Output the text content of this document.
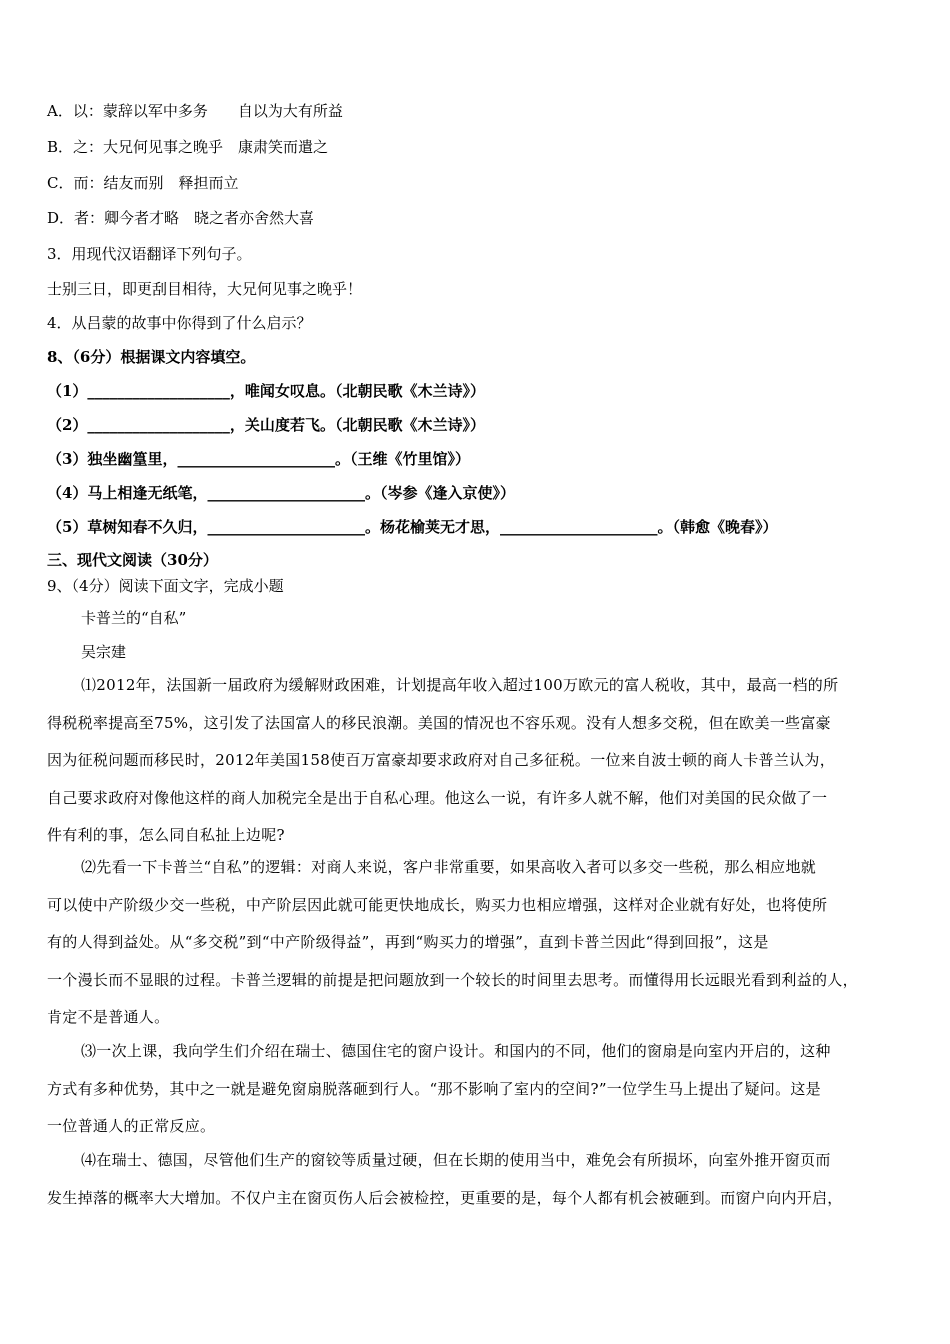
A．以：蒙辞以军中多务　　自以为大有所益
B．之：大兄何见事之晚乎　康肃笑而遣之
C．而：结友而别　释担而立
D．者：卿今者才略　晓之者亦舍然大喜
3．用现代汉语翻译下列句子。
士别三日，即更刮目相待，大兄何见事之晚乎！
4．从吕蒙的故事中你得到了什么启示？
8、（6分）根据课文内容填空。
（1）___________________，唯闻女叹息。（北朝民歌《木兰诗》）
（2）___________________，关山度若飞。（北朝民歌《木兰诗》）
（3）独坐幽篁里，_____________________。（王维《竹里馆》）
（4）马上相逢无纸笔，_____________________。（岑参《逢入京使》）
（5）草树知春不久归，_____________________。杨花榆荚无才思，_____________________。（韩愈《晚春》）
三、现代文阅读（30分）
9、（4分）阅读下面文字，完成小题
卡普兰的“自私”
吴宗建

⑴2012年，法国新一届政府为缓解财政困难，计划提高年收入超过100万欧元的富人税收，其中，最高一档的所

得税税率提高至75%，这引发了法国富人的移民浪潮。美国的情况也不容乐观。没有人想多交税，但在欧美一些富豪

因为征税问题而移民时，2012年美国158使百万富豪却要求政府对自己多征税。一位来自波士顿的商人卡普兰认为，

自己要求政府对像他这样的商人加税完全是出于自私心理。他这么一说，有许多人就不解，他们对美国的民众做了一

件有利的事，怎么同自私扯上边呢?

⑵先看一下卡普兰“自私”的逻辑：对商人来说，客户非常重要，如果高收入者可以多交一些税，那么相应地就

可以使中产阶级少交一些税，中产阶层因此就可能更快地成长，购买力也相应增强，这样对企业就有好处，也将使所

有的人得到益处。从“多交税”到“中产阶级得益”，再到“购买力的增强”，直到卡普兰因此“得到回报”，这是

一个漫长而不显眼的过程。卡普兰逻辑的前提是把问题放到一个较长的时间里去思考。而懂得用长远眼光看到利益的人，

肯定不是普通人。

⑶一次上课，我向学生们介绍在瑞士、德国住宅的窗户设计。和国内的不同，他们的窗扇是向室内开启的，这种

方式有多种优势，其中之一就是避免窗扇脱落砸到行人。“那不影响了室内的空间?”一位学生马上提出了疑问。这是

一位普通人的正常反应。

⑷在瑞士、德国，尽管他们生产的窗铰等质量过硬，但在长期的使用当中，难免会有所损坏，向室外推开窗页而

发生掉落的概率大大增加。不仅户主在窗页伤人后会被检控，更重要的是，每个人都有机会被砸到。而窗户向内开启，
